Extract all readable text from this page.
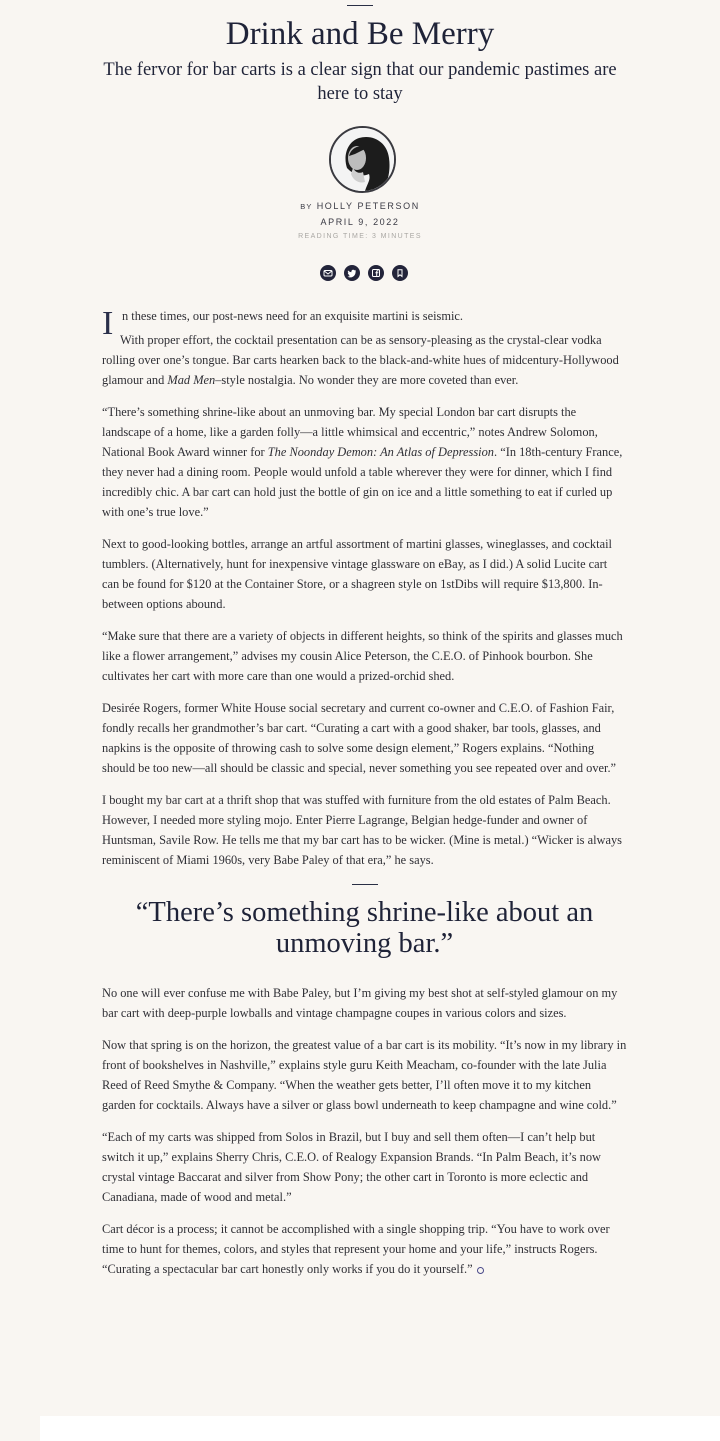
Drink and Be Merry
The fervor for bar carts is a clear sign that our pandemic pastimes are here to stay
BY HOLLY PETERSON
APRIL 9, 2022
READING TIME: 3 MINUTES

I n these times, our post-news need for an exquisite martini is seismic.

With proper effort, the cocktail presentation can be as sensory-pleasing as the crystal-clear vodka rolling over one’s tongue. Bar carts hearken back to the black-and-white hues of midcentury-Hollywood glamour and Mad Men–style nostalgia. No wonder they are more coveted than ever.

“There’s something shrine-like about an unmoving bar. My special London bar cart disrupts the landscape of a home, like a garden folly—a little whimsical and eccentric,” notes Andrew Solomon, National Book Award winner for The Noonday Demon: An Atlas of Depression. “In 18th-century France, they never had a dining room. People would unfold a table wherever they were for dinner, which I find incredibly chic. A bar cart can hold just the bottle of gin on ice and a little something to eat if curled up with one’s true love.”

Next to good-looking bottles, arrange an artful assortment of martini glasses, wineglasses, and cocktail tumblers. (Alternatively, hunt for inexpensive vintage glassware on eBay, as I did.) A solid Lucite cart can be found for $120 at the Container Store, or a shagreen style on 1stDibs will require $13,800. In-between options abound.

“Make sure that there are a variety of objects in different heights, so think of the spirits and glasses much like a flower arrangement,” advises my cousin Alice Peterson, the C.E.O. of Pinhook bourbon. She cultivates her cart with more care than one would a prized-orchid shed.

Desirée Rogers, former White House social secretary and current co-owner and C.E.O. of Fashion Fair, fondly recalls her grandmother’s bar cart. “Curating a cart with a good shaker, bar tools, glasses, and napkins is the opposite of throwing cash to solve some design element,” Rogers explains. “Nothing should be too new—all should be classic and special, never something you see repeated over and over.”

I bought my bar cart at a thrift shop that was stuffed with furniture from the old estates of Palm Beach. However, I needed more styling mojo. Enter Pierre Lagrange, Belgian hedge-funder and owner of Huntsman, Savile Row. He tells me that my bar cart has to be wicker. (Mine is metal.) “Wicker is always reminiscent of Miami 1960s, very Babe Paley of that era,” he says.

“There’s something shrine-like about an unmoving bar.”

No one will ever confuse me with Babe Paley, but I’m giving my best shot at self-styled glamour on my bar cart with deep-purple lowballs and vintage champagne coupes in various colors and sizes.

Now that spring is on the horizon, the greatest value of a bar cart is its mobility. “It’s now in my library in front of bookshelves in Nashville,” explains style guru Keith Meacham, co-founder with the late Julia Reed of Reed Smythe & Company. “When the weather gets better, I’ll often move it to my kitchen garden for cocktails. Always have a silver or glass bowl underneath to keep champagne and wine cold.”

“Each of my carts was shipped from Solos in Brazil, but I buy and sell them often—I can’t help but switch it up,” explains Sherry Chris, C.E.O. of Realogy Expansion Brands. “In Palm Beach, it’s now crystal vintage Baccarat and silver from Show Pony; the other cart in Toronto is more eclectic and Canadiana, made of wood and metal.”

Cart décor is a process; it cannot be accomplished with a single shopping trip. “You have to work over time to hunt for themes, colors, and styles that represent your home and your life,” instructs Rogers. “Curating a spectacular bar cart honestly only works if you do it yourself.”
